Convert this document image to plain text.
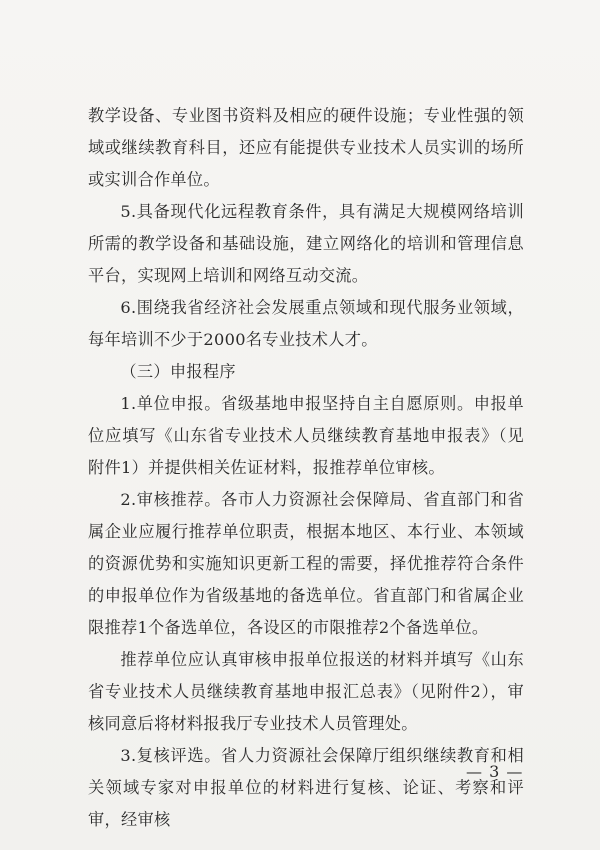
教学设备、专业图书资料及相应的硬件设施；专业性强的领域或继续教育科目，还应有能提供专业技术人员实训的场所或实训合作单位。

5.具备现代化远程教育条件，具有满足大规模网络培训所需的教学设备和基础设施，建立网络化的培训和管理信息平台，实现网上培训和网络互动交流。

6.围绕我省经济社会发展重点领域和现代服务业领域，每年培训不少于2000名专业技术人才。

（三）申报程序

1.单位申报。省级基地申报坚持自主自愿原则。申报单位应填写《山东省专业技术人员继续教育基地申报表》（见附件1）并提供相关佐证材料，报推荐单位审核。

2.审核推荐。各市人力资源社会保障局、省直部门和省属企业应履行推荐单位职责，根据本地区、本行业、本领域的资源优势和实施知识更新工程的需要，择优推荐符合条件的申报单位作为省级基地的备选单位。省直部门和省属企业限推荐1个备选单位，各设区的市限推荐2个备选单位。

推荐单位应认真审核申报单位报送的材料并填写《山东省专业技术人员继续教育基地申报汇总表》（见附件2），审核同意后将材料报我厅专业技术人员管理处。

3.复核评选。省人力资源社会保障厅组织继续教育和相关领域专家对申报单位的材料进行复核、论证、考察和评审，经审核

— 3 —
